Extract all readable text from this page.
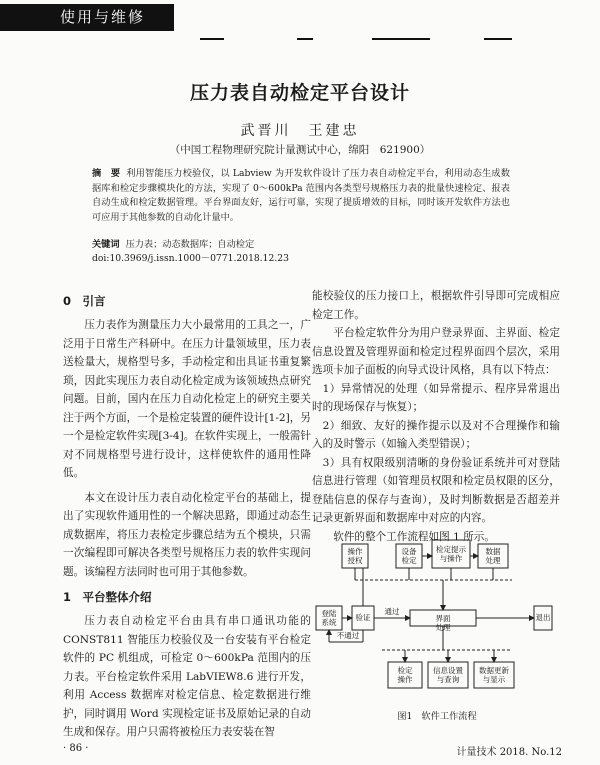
使用与维修
压力表自动检定平台设计
武晋川　王建忠
（中国工程物理研究院计量测试中心，绵阳　621900）
摘　要 利用智能压力校验仪，以 Labview 为开发软件设计了压力表自动检定平台，利用动态生成数据库和检定步骤模块化的方法，实现了 0～600kPa 范围内各类型号规格压力表的批量快速检定、报表自动生成和检定数据管理。平台界面友好，运行可靠，实现了提质增效的目标，同时该开发软件方法也可应用于其他参数的自动化计量中。
关键词 压力表；动态数据库；自动检定
doi:10.3969/j.issn.1000－0771.2018.12.23
0　引言

压力表作为测量压力大小最常用的工具之一，广泛用于日常生产科研中。在压力计量领域里，压力表送检量大，规格型号多，手动检定和出具证书重复繁琐，因此实现压力表自动化检定成为该领域热点研究问题。目前，国内在压力自动化检定上的研究主要关注于两个方面，一个是检定装置的硬件设计[1-2]，另一个是检定软件实现[3-4]。在软件实现上，一般需针对不同规格型号进行设计，这样使软件的通用性降低。

本文在设计压力表自动化检定平台的基础上，提出了实现软件通用性的一个解决思路，即通过动态生成数据库，将压力表检定步骤总结为五个模块，只需一次编程即可解决各类型号规格压力表的软件实现问题。该编程方法同时也可用于其他参数。

1　平台整体介绍

压力表自动检定平台由具有串口通讯功能的 CONST811 智能压力校验仪及一台安装有平台检定软件的 PC 机组成，可检定 0～600kPa 范围内的压力表。平台检定软件采用 LabVIEW8.6 进行开发，利用 Access 数据库对检定信息、检定数据进行维护，同时调用 Word 实现检定证书及原始记录的自动生成和保存。用户只需将被检压力表安装在智

能校验仪的压力接口上，根据软件引导即可完成相应检定工作。

平台检定软件分为用户登录界面、主界面、检定信息设置及管理界面和检定过程界面四个层次，采用选项卡加子面板的向导式设计风格，具有以下特点：

1）异常情况的处理（如异常提示、程序异常退出时的现场保存与恢复）；

2）细致、友好的操作提示以及对不合理操作和输入的及时警示（如输入类型错误）；

3）具有权限级别清晰的身份验证系统并可对登陆信息进行管理（如管理员权限和检定员权限的区分，登陆信息的保存与查询），及时判断数据是否超差并记录更新界面和数据库中对应的内容。

软件的整个工作流程如图 1 所示。

操作授权
设备检定
检定提示与操作
数据处理
登陆系统
验证	界面处理
退出
检定操作
信息设置与查询
数据更新与显示
通过
不通过
图1　软件工作流程
· 86 ·	计量技术 2018. No.12
